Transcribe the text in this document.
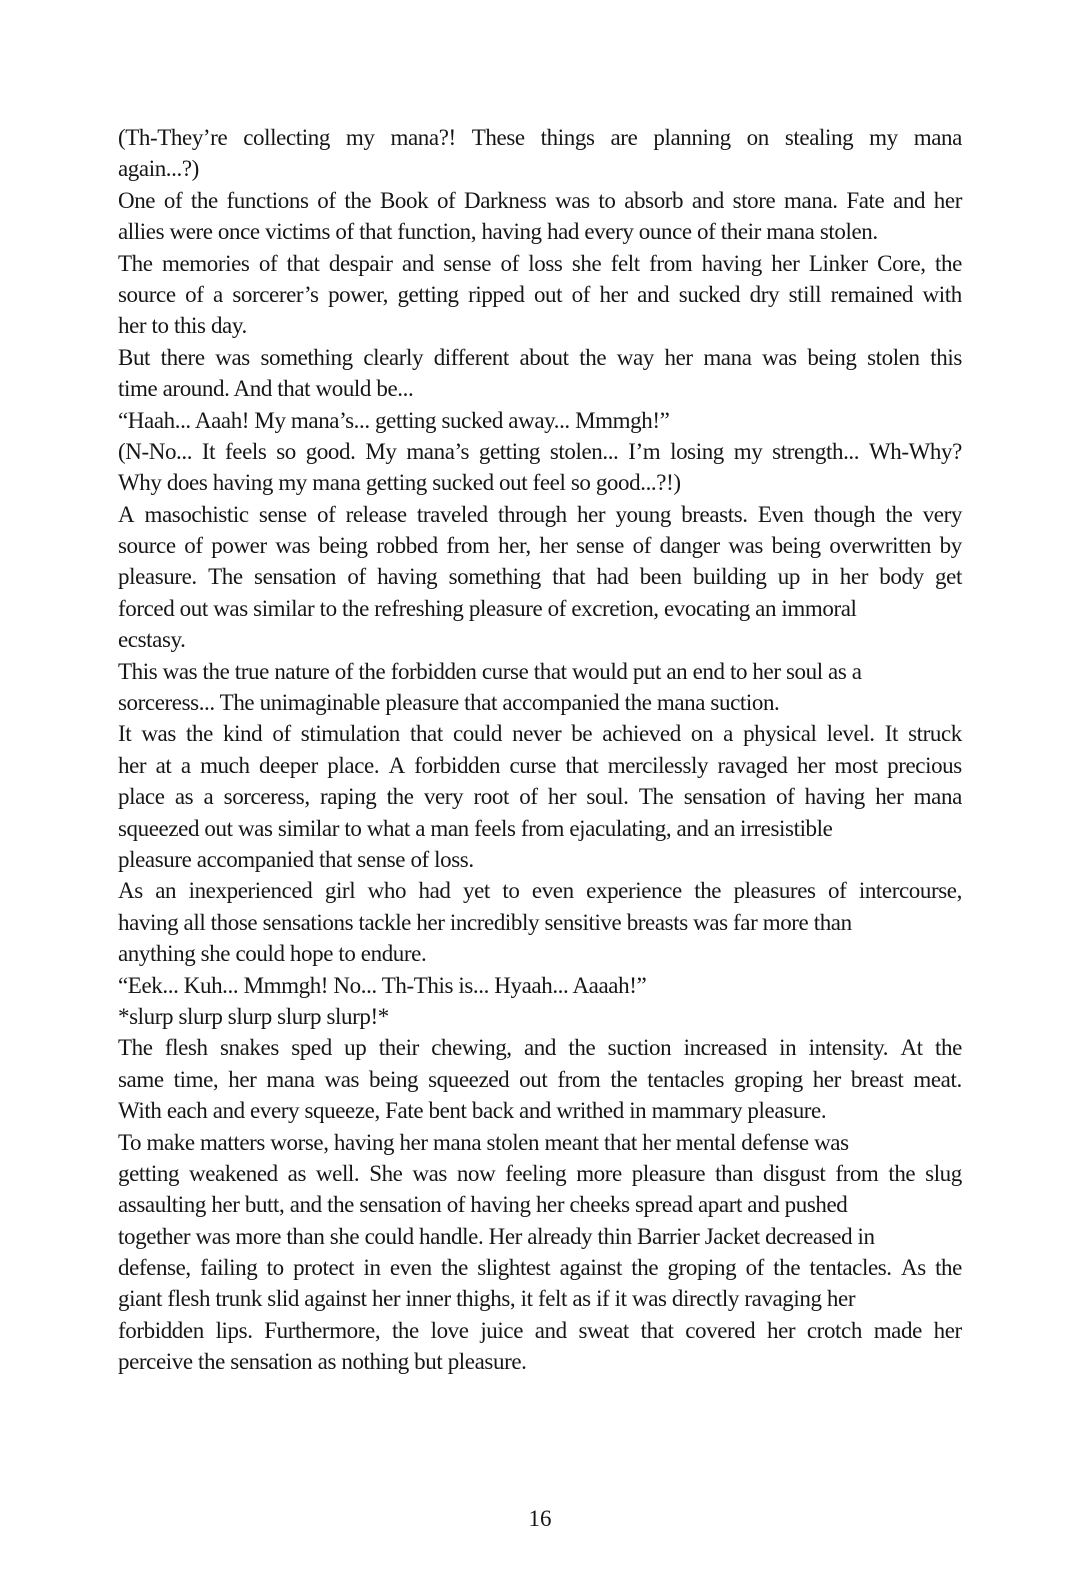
(Th-They’re collecting my mana?! These things are planning on stealing my mana
again...?)
One of the functions of the Book of Darkness was to absorb and store mana. Fate and her
allies were once victims of that function, having had every ounce of their mana stolen.
The memories of that despair and sense of loss she felt from having her Linker Core, the
source of a sorcerer’s power, getting ripped out of her and sucked dry still remained with
her to this day.
But there was something clearly different about the way her mana was being stolen this
time around. And that would be...
“Haah... Aaah! My mana’s... getting sucked away... Mmmgh!”
(N-No... It feels so good. My mana’s getting stolen... I’m losing my strength... Wh-Why?
Why does having my mana getting sucked out feel so good...?!)
A masochistic sense of release traveled through her young breasts. Even though the very
source of power was being robbed from her, her sense of danger was being overwritten by
pleasure. The sensation of having something that had been building up in her body get
forced out was similar to the refreshing pleasure of excretion, evocating an immoral
ecstasy.
This was the true nature of the forbidden curse that would put an end to her soul as a
sorceress... The unimaginable pleasure that accompanied the mana suction.
It was the kind of stimulation that could never be achieved on a physical level. It struck
her at a much deeper place. A forbidden curse that mercilessly ravaged her most precious
place as a sorceress, raping the very root of her soul. The sensation of having her mana
squeezed out was similar to what a man feels from ejaculating, and an irresistible
pleasure accompanied that sense of loss.
As an inexperienced girl who had yet to even experience the pleasures of intercourse,
having all those sensations tackle her incredibly sensitive breasts was far more than
anything she could hope to endure.
“Eek... Kuh... Mmmgh! No... Th-This is... Hyaah... Aaaah!”
*slurp slurp slurp slurp slurp!*
The flesh snakes sped up their chewing, and the suction increased in intensity. At the
same time, her mana was being squeezed out from the tentacles groping her breast meat.
With each and every squeeze, Fate bent back and writhed in mammary pleasure.
To make matters worse, having her mana stolen meant that her mental defense was
getting weakened as well. She was now feeling more pleasure than disgust from the slug
assaulting her butt, and the sensation of having her cheeks spread apart and pushed
together was more than she could handle. Her already thin Barrier Jacket decreased in
defense, failing to protect in even the slightest against the groping of the tentacles. As the
giant flesh trunk slid against her inner thighs, it felt as if it was directly ravaging her
forbidden lips. Furthermore, the love juice and sweat that covered her crotch made her
perceive the sensation as nothing but pleasure.
16
